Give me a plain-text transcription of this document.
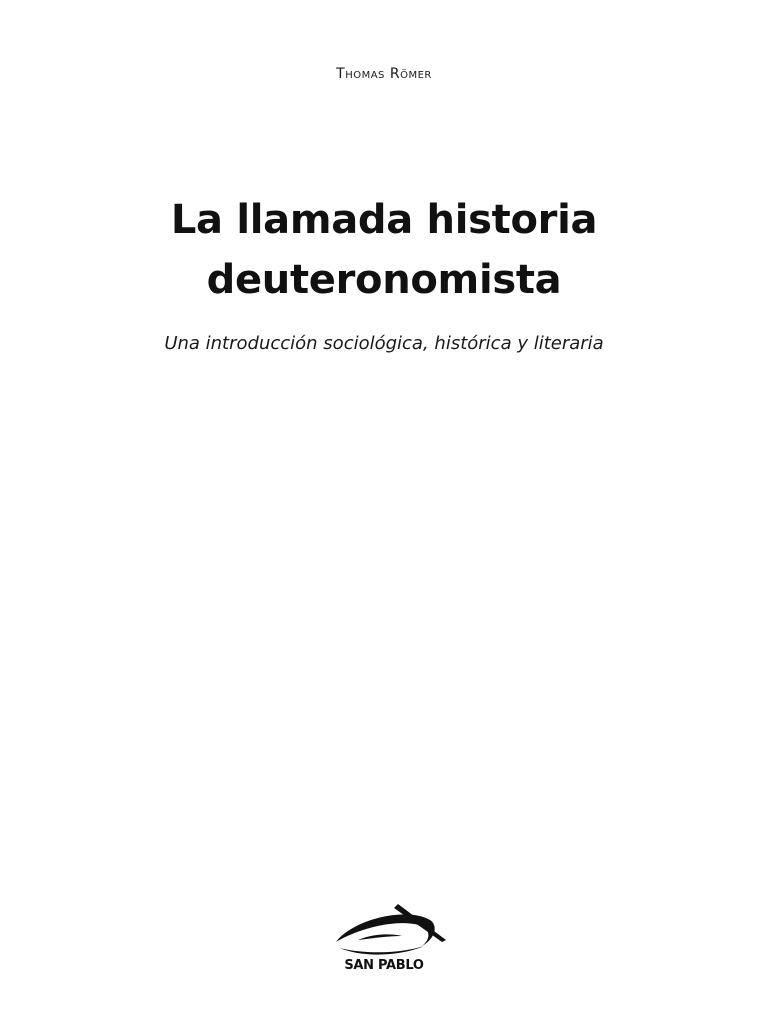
Thomas Römer
La llamada historia
deuteronomista
Una introducción sociológica, histórica y literaria
SAN PABLO
